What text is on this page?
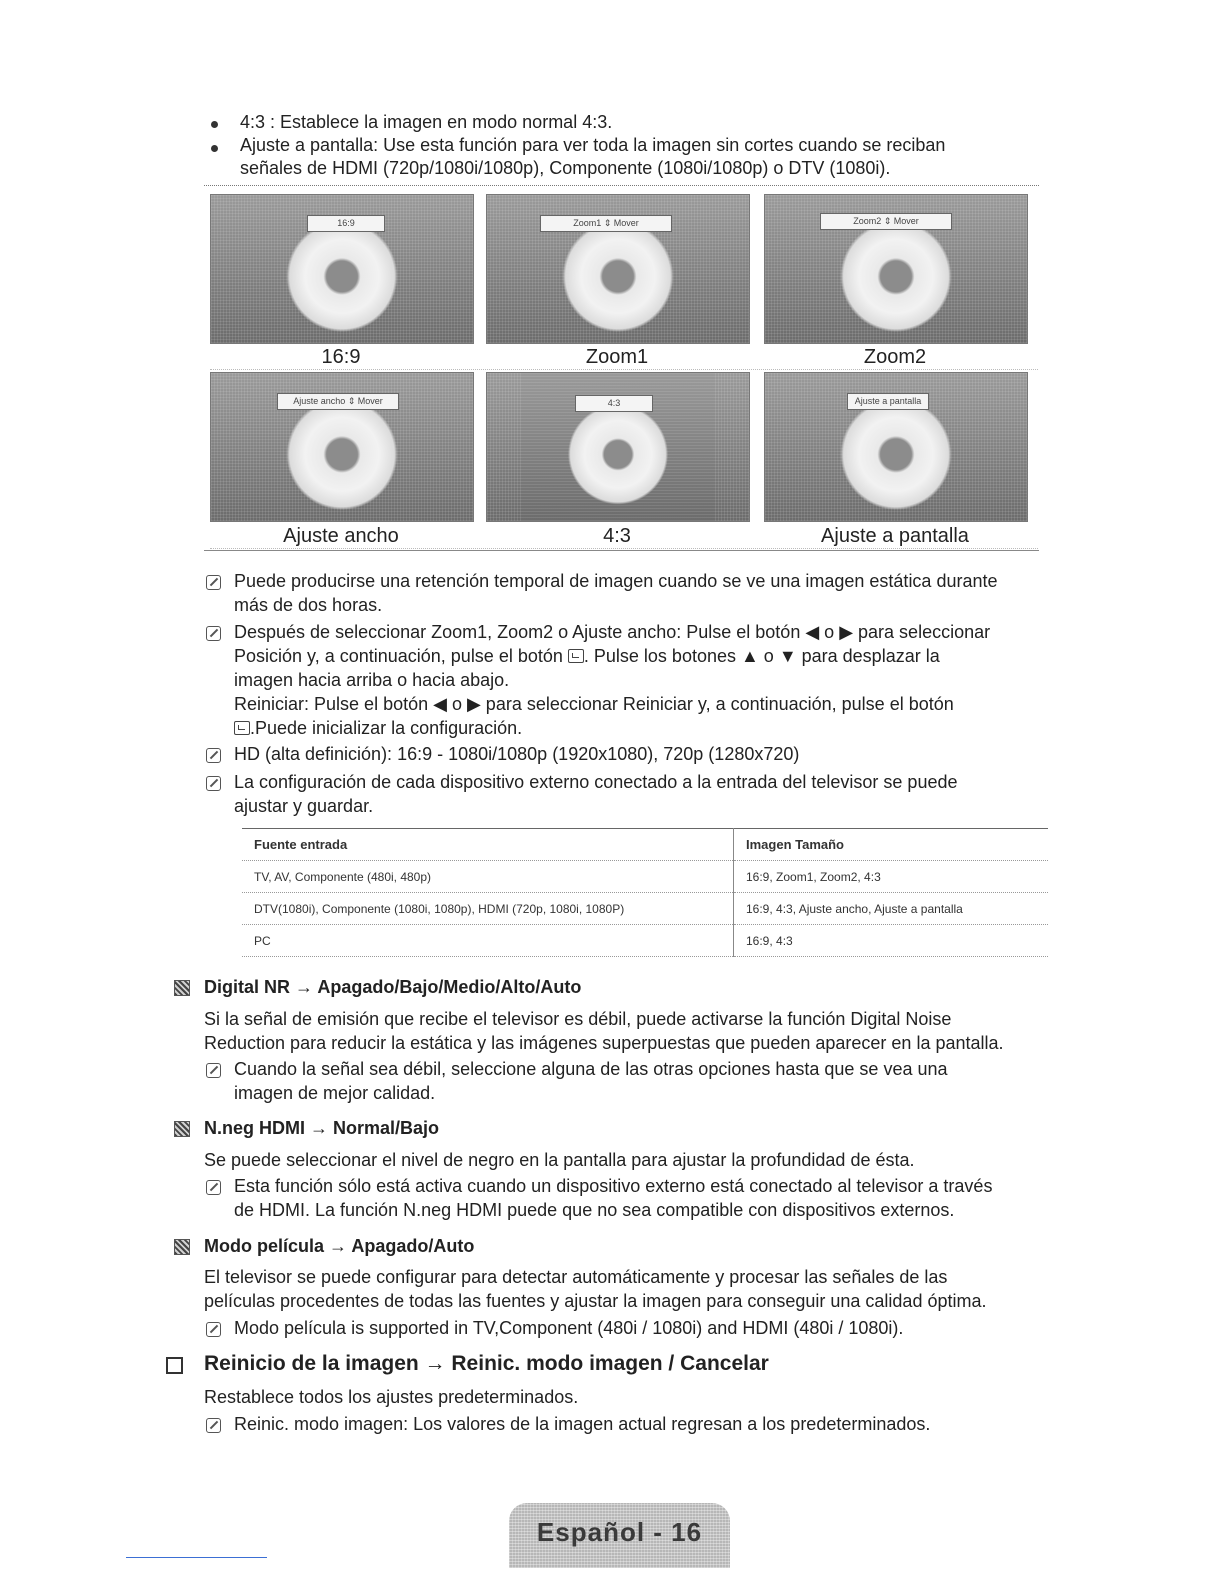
4:3 : Establece la imagen en modo normal 4:3.
Ajuste a pantalla: Use esta función para ver toda la imagen sin cortes cuando se reciban
señales de HDMI (720p/1080i/1080p), Componente (1080i/1080p) o DTV (1080i).
16:9	Zoom1 ⇕ Mover	Zoom2 ⇕ Mover
16:9	Zoom1	Zoom2
Ajuste ancho ⇕ Mover	4:3	Ajuste a pantalla
Ajuste ancho	4:3	Ajuste a pantalla
Puede producirse una retención temporal de imagen cuando se ve una imagen estática durante
más de dos horas.
Después de seleccionar Zoom1, Zoom2 o Ajuste ancho: Pulse el botón ◀ o ▶ para seleccionar
Posición y, a continuación, pulse el botón . Pulse los botones ▲ o ▼ para desplazar la
imagen hacia arriba o hacia abajo.
Reiniciar: Pulse el botón ◀ o ▶ para seleccionar Reiniciar y, a continuación, pulse el botón
.Puede inicializar la configuración.
HD (alta definición): 16:9 - 1080i/1080p (1920x1080), 720p (1280x720)
La configuración de cada dispositivo externo conectado a la entrada del televisor se puede
ajustar y guardar.
Fuente entrada	Imagen Tamaño
TV, AV, Componente (480i, 480p)	16:9, Zoom1, Zoom2, 4:3
DTV(1080i), Componente (1080i, 1080p), HDMI (720p, 1080i, 1080P)	16:9, 4:3, Ajuste ancho, Ajuste a pantalla
PC	16:9, 4:3
Digital NR → Apagado/Bajo/Medio/Alto/Auto
Si la señal de emisión que recibe el televisor es débil, puede activarse la función Digital Noise
Reduction para reducir la estática y las imágenes superpuestas que pueden aparecer en la pantalla.
Cuando la señal sea débil, seleccione alguna de las otras opciones hasta que se vea una
imagen de mejor calidad.
N.neg HDMI → Normal/Bajo
Se puede seleccionar el nivel de negro en la pantalla para ajustar la profundidad de ésta.
Esta función sólo está activa cuando un dispositivo externo está conectado al televisor a través
de HDMI. La función N.neg HDMI puede que no sea compatible con dispositivos externos.
Modo película → Apagado/Auto
El televisor se puede configurar para detectar automáticamente y procesar las señales de las
películas procedentes de todas las fuentes y ajustar la imagen para conseguir una calidad óptima.
Modo película is supported in TV,Component (480i / 1080i) and HDMI (480i / 1080i).
Reinicio de la imagen → Reinic. modo imagen / Cancelar
Restablece todos los ajustes predeterminados.
Reinic. modo imagen: Los valores de la imagen actual regresan a los predeterminados.
Español - 16
